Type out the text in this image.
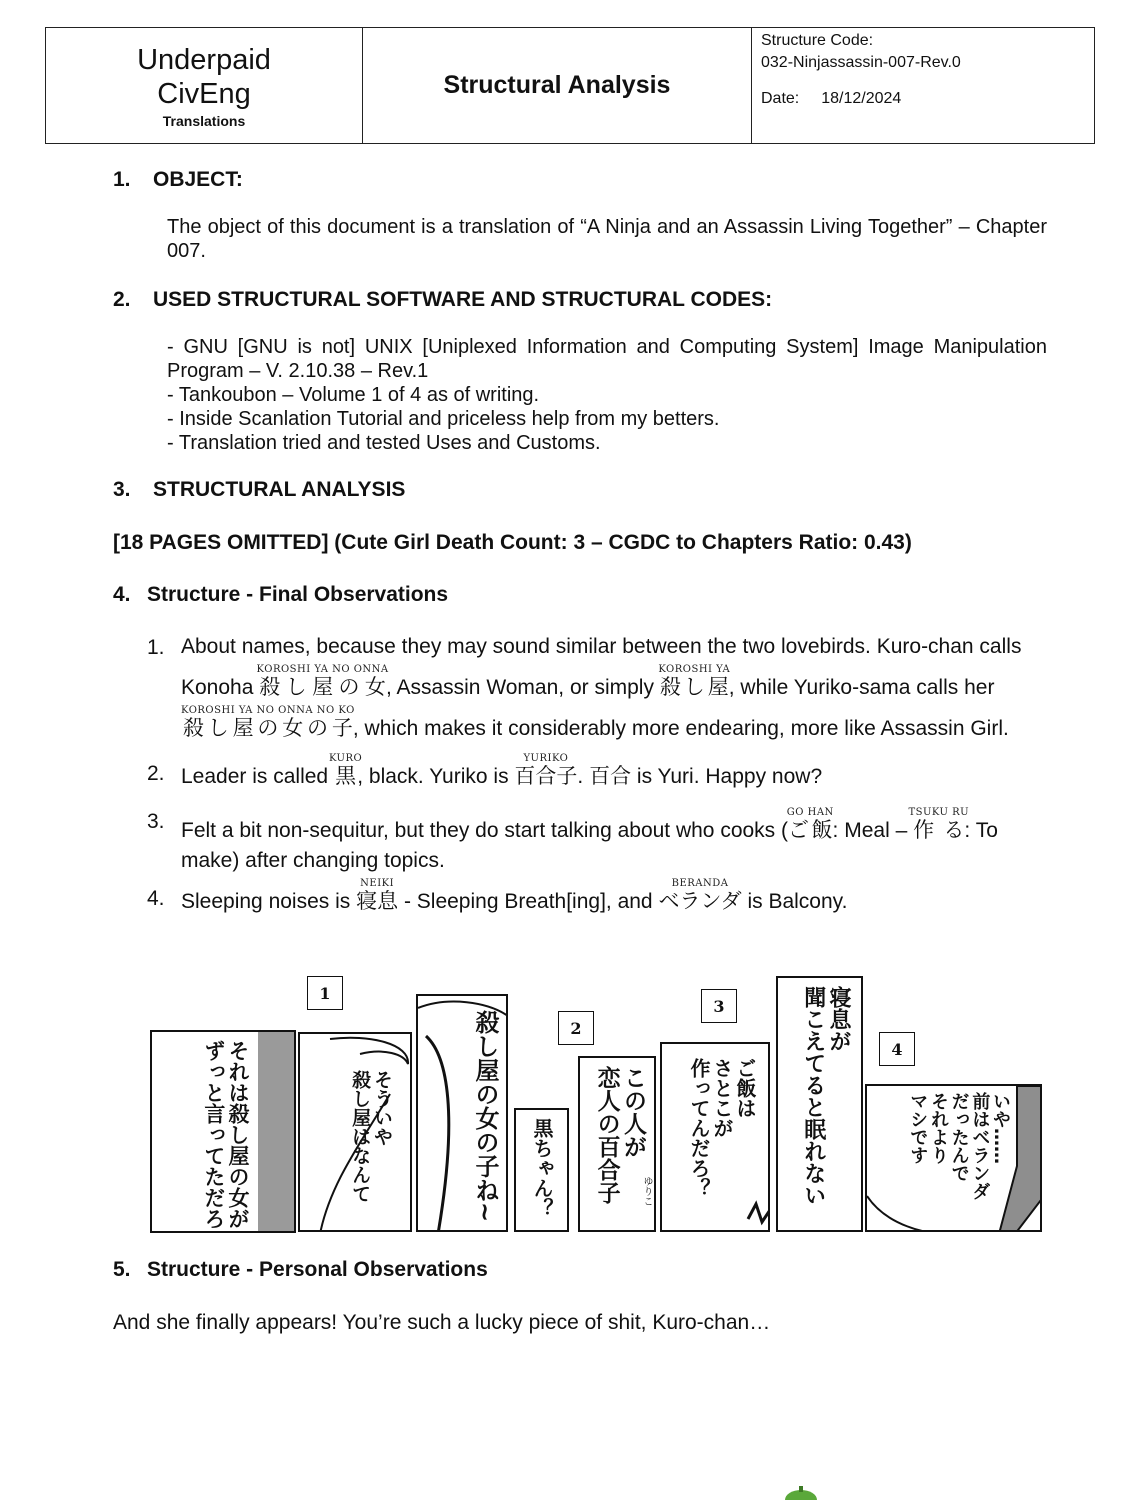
Underpaid
CivEng
Translations
Structural Analysis
Structure Code:
032-Ninjassassin-007-Rev.0
Date: 18/12/2024
1. OBJECT:
The object of this document is a translation of “A Ninja and an Assassin Living Together” – Chapter 007.
2. USED STRUCTURAL SOFTWARE AND STRUCTURAL CODES:
- GNU [GNU is not] UNIX [Uniplexed Information and Computing System] Image Manipulation Program – V. 2.10.38 – Rev.1
- Tankoubon – Volume 1 of 4 as of writing.
- Inside Scanlation Tutorial and priceless help from my betters.
- Translation tried and tested Uses and Customs.
3. STRUCTURAL ANALYSIS
[18 PAGES OMITTED] (Cute Girl Death Count: 3 – CGDC to Chapters Ratio: 0.43)
4. Structure - Final Observations
1. About names, because they may sound similar between the two lovebirds. Kuro-chan calls Konoha 殺し屋の女KOROSHI YA NO ONNA, Assassin Woman, or simply 殺し屋KOROSHI YA, while Yuriko-sama calls her 殺し屋の女の子KOROSHI YA NO ONNA NO KO, which makes it considerably more endearing, more like Assassin Girl.
2. Leader is called 黒KURO, black. Yuriko is 百合子YURIKO. 百合 is Yuri. Happy now?
3. Felt a bit non-sequitur, but they do start talking about who cooks (ご飯GO HAN: Meal – 作るTSUKU RU: To make) after changing topics.
4. Sleeping noises is 寝息NEIKI - Sleeping Breath[ing], and ベランダBERANDA is Balcony.
1
それは殺し屋の女が
ずっと言ってただろ	そういや
殺し屋はなんて	殺し屋の女の子ね~	2
黒ちゃん？
この人が
恋人の百合子	ゆりこ
3
ご飯は
さとこが
作ってんだろ？
寝息が
聞こえてると眠れない	4
いや……
前はベランダ
だったんで
それより
マシです
5. Structure - Personal Observations
And she finally appears! You’re such a lucky piece of shit, Kuro-chan…
